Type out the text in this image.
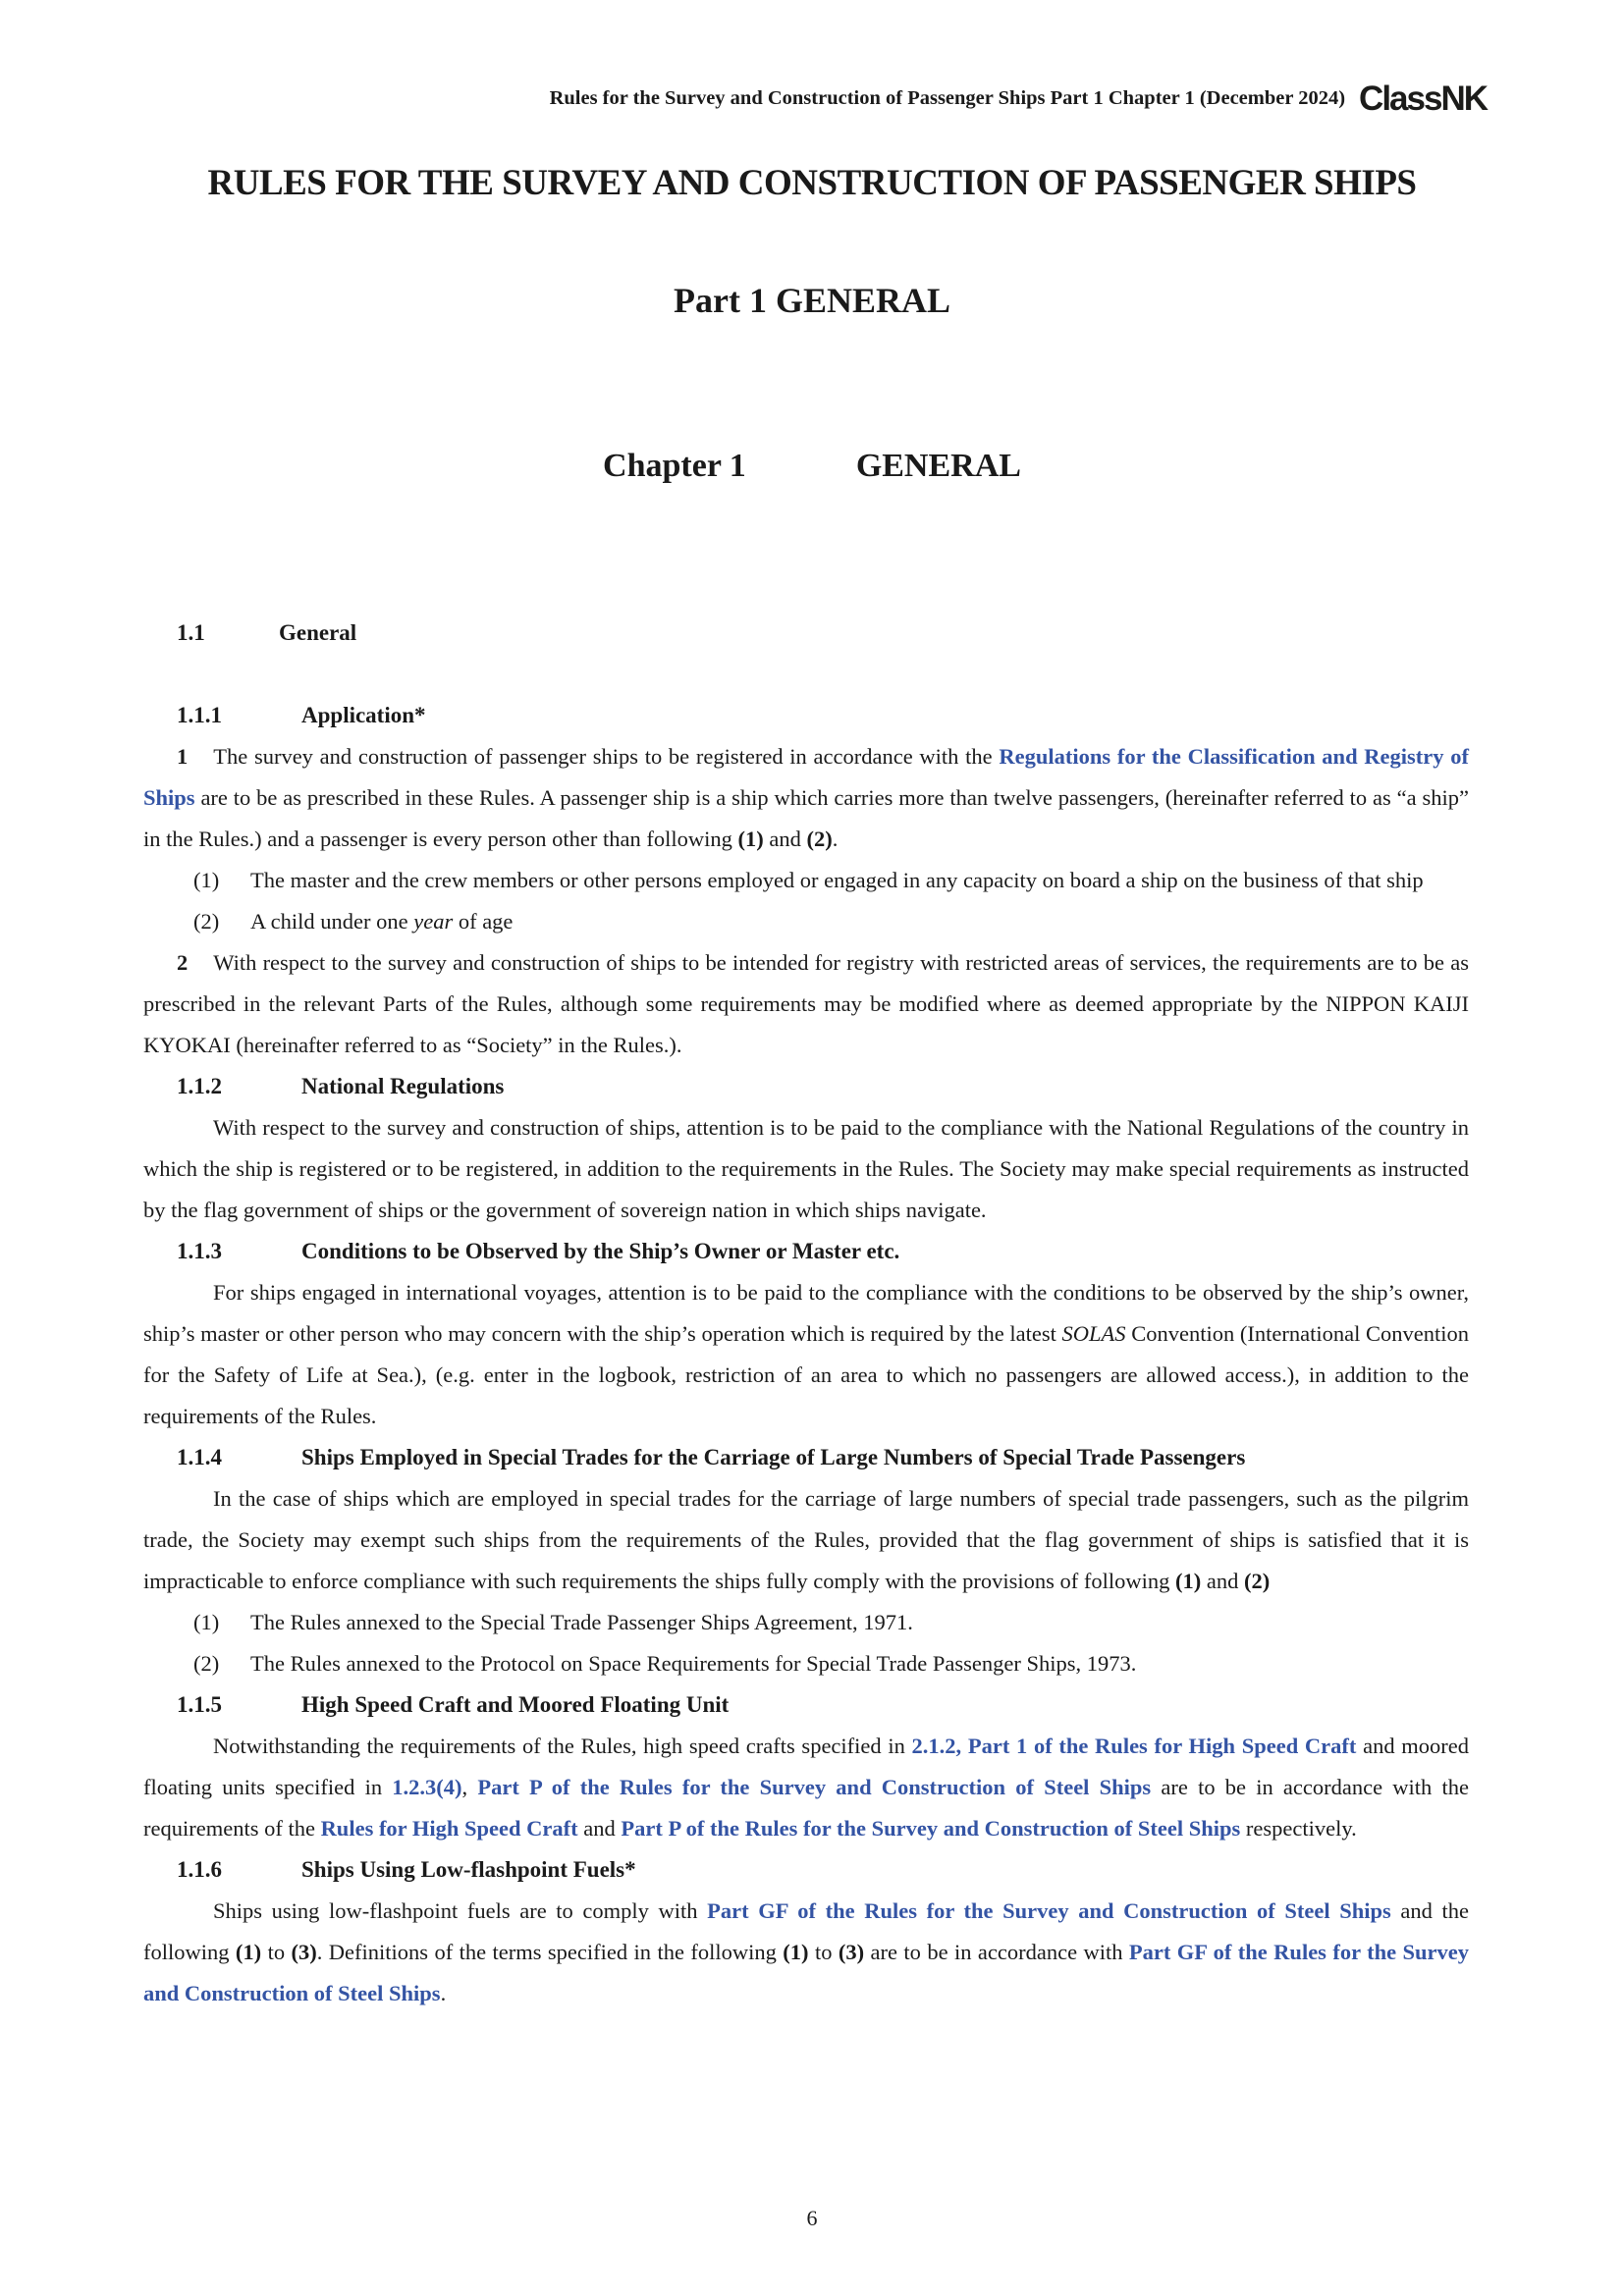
Rules for the Survey and Construction of Passenger Ships Part 1 Chapter 1 (December 2024) ClassNK
RULES FOR THE SURVEY AND CONSTRUCTION OF PASSENGER SHIPS
Part 1 GENERAL
Chapter 1	GENERAL
1.1	General
1.1.1	Application*
1 The survey and construction of passenger ships to be registered in accordance with the Regulations for the Classification and Registry of Ships are to be as prescribed in these Rules. A passenger ship is a ship which carries more than twelve passengers, (hereinafter referred to as “a ship” in the Rules.) and a passenger is every person other than following (1) and (2).
(1) The master and the crew members or other persons employed or engaged in any capacity on board a ship on the business of that ship
(2) A child under one year of age
2 With respect to the survey and construction of ships to be intended for registry with restricted areas of services, the requirements are to be as prescribed in the relevant Parts of the Rules, although some requirements may be modified where as deemed appropriate by the NIPPON KAIJI KYOKAI (hereinafter referred to as “Society” in the Rules.).
1.1.2	National Regulations
With respect to the survey and construction of ships, attention is to be paid to the compliance with the National Regulations of the country in which the ship is registered or to be registered, in addition to the requirements in the Rules. The Society may make special requirements as instructed by the flag government of ships or the government of sovereign nation in which ships navigate.
1.1.3	Conditions to be Observed by the Ship’s Owner or Master etc.
For ships engaged in international voyages, attention is to be paid to the compliance with the conditions to be observed by the ship’s owner, ship’s master or other person who may concern with the ship’s operation which is required by the latest SOLAS Convention (International Convention for the Safety of Life at Sea.), (e.g. enter in the logbook, restriction of an area to which no passengers are allowed access.), in addition to the requirements of the Rules.
1.1.4	Ships Employed in Special Trades for the Carriage of Large Numbers of Special Trade Passengers
In the case of ships which are employed in special trades for the carriage of large numbers of special trade passengers, such as the pilgrim trade, the Society may exempt such ships from the requirements of the Rules, provided that the flag government of ships is satisfied that it is impracticable to enforce compliance with such requirements the ships fully comply with the provisions of following (1) and (2)
(1) The Rules annexed to the Special Trade Passenger Ships Agreement, 1971.
(2) The Rules annexed to the Protocol on Space Requirements for Special Trade Passenger Ships, 1973.
1.1.5	High Speed Craft and Moored Floating Unit
Notwithstanding the requirements of the Rules, high speed crafts specified in 2.1.2, Part 1 of the Rules for High Speed Craft and moored floating units specified in 1.2.3(4), Part P of the Rules for the Survey and Construction of Steel Ships are to be in accordance with the requirements of the Rules for High Speed Craft and Part P of the Rules for the Survey and Construction of Steel Ships respectively.
1.1.6	Ships Using Low-flashpoint Fuels*
Ships using low-flashpoint fuels are to comply with Part GF of the Rules for the Survey and Construction of Steel Ships and the following (1) to (3). Definitions of the terms specified in the following (1) to (3) are to be in accordance with Part GF of the Rules for the Survey and Construction of Steel Ships.
6
